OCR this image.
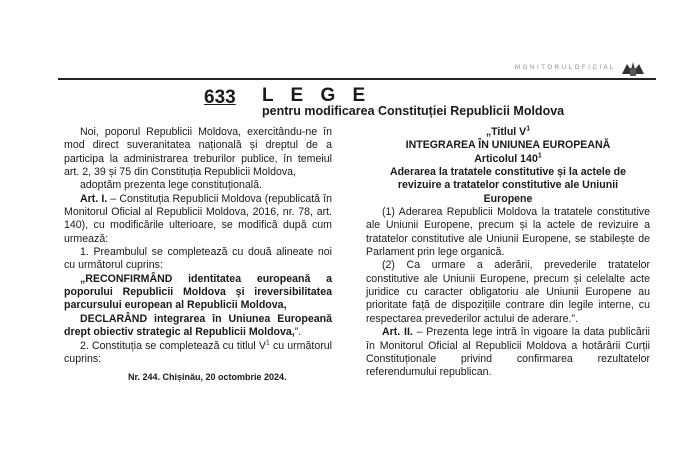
M O N I T O R U L O F I C I A L
633 L E G E
pentru modificarea Constituției Republicii Moldova

Noi, poporul Republicii Moldova, exercitându-ne în mod direct suveranitatea națională și dreptul de a participa la administrarea treburilor publice, în temeiul art. 2, 39 și 75 din Constituția Republicii Moldova,

adoptăm prezenta lege constituțională.

Art. I. – Constituția Republicii Moldova (republicată în Monitorul Oficial al Republicii Moldova, 2016, nr. 78, art. 140), cu modificările ulterioare, se modifică după cum urmează:

1. Preambulul se completează cu două alineate noi cu următorul cuprins:

„RECONFIRMÂND identitatea europeană a poporului Republicii Moldova și ireversibilitatea parcursului european al Republicii Moldova,

DECLARÂND integrarea în Uniunea Europeană drept obiectiv strategic al Republicii Moldova,”.

2. Constituția se completează cu titlul $V^1$ cu următorul cuprins:

„Titlul $V^1$

INTEGRAREA ÎN UNIUNEA EUROPEANĂ

Articolul $140^1$

Aderarea la tratatele constitutive și la actele de revizuire a tratatelor constitutive ale Uniunii Europene

(1) Aderarea Republicii Moldova la tratatele constitutive ale Uniunii Europene, precum și la actele de revizuire a tratatelor constitutive ale Uniunii Europene, se stabilește de Parlament prin lege organică.

(2) Ca urmare a aderării, prevederile tratatelor constitutive ale Uniunii Europene, precum și celelalte acte juridice cu caracter obligatoriu ale Uniunii Europene au prioritate față de dispozițiile contrare din legile interne, cu respectarea prevederilor actului de aderare.”.

Art. II. – Prezenta lege intră în vigoare la data publicării în Monitorul Oficial al Republicii Moldova a hotărârii Curții Constituționale privind confirmarea rezultatelor referendumului republican.

Nr. 244. Chișinău, 20 octombrie 2024.
